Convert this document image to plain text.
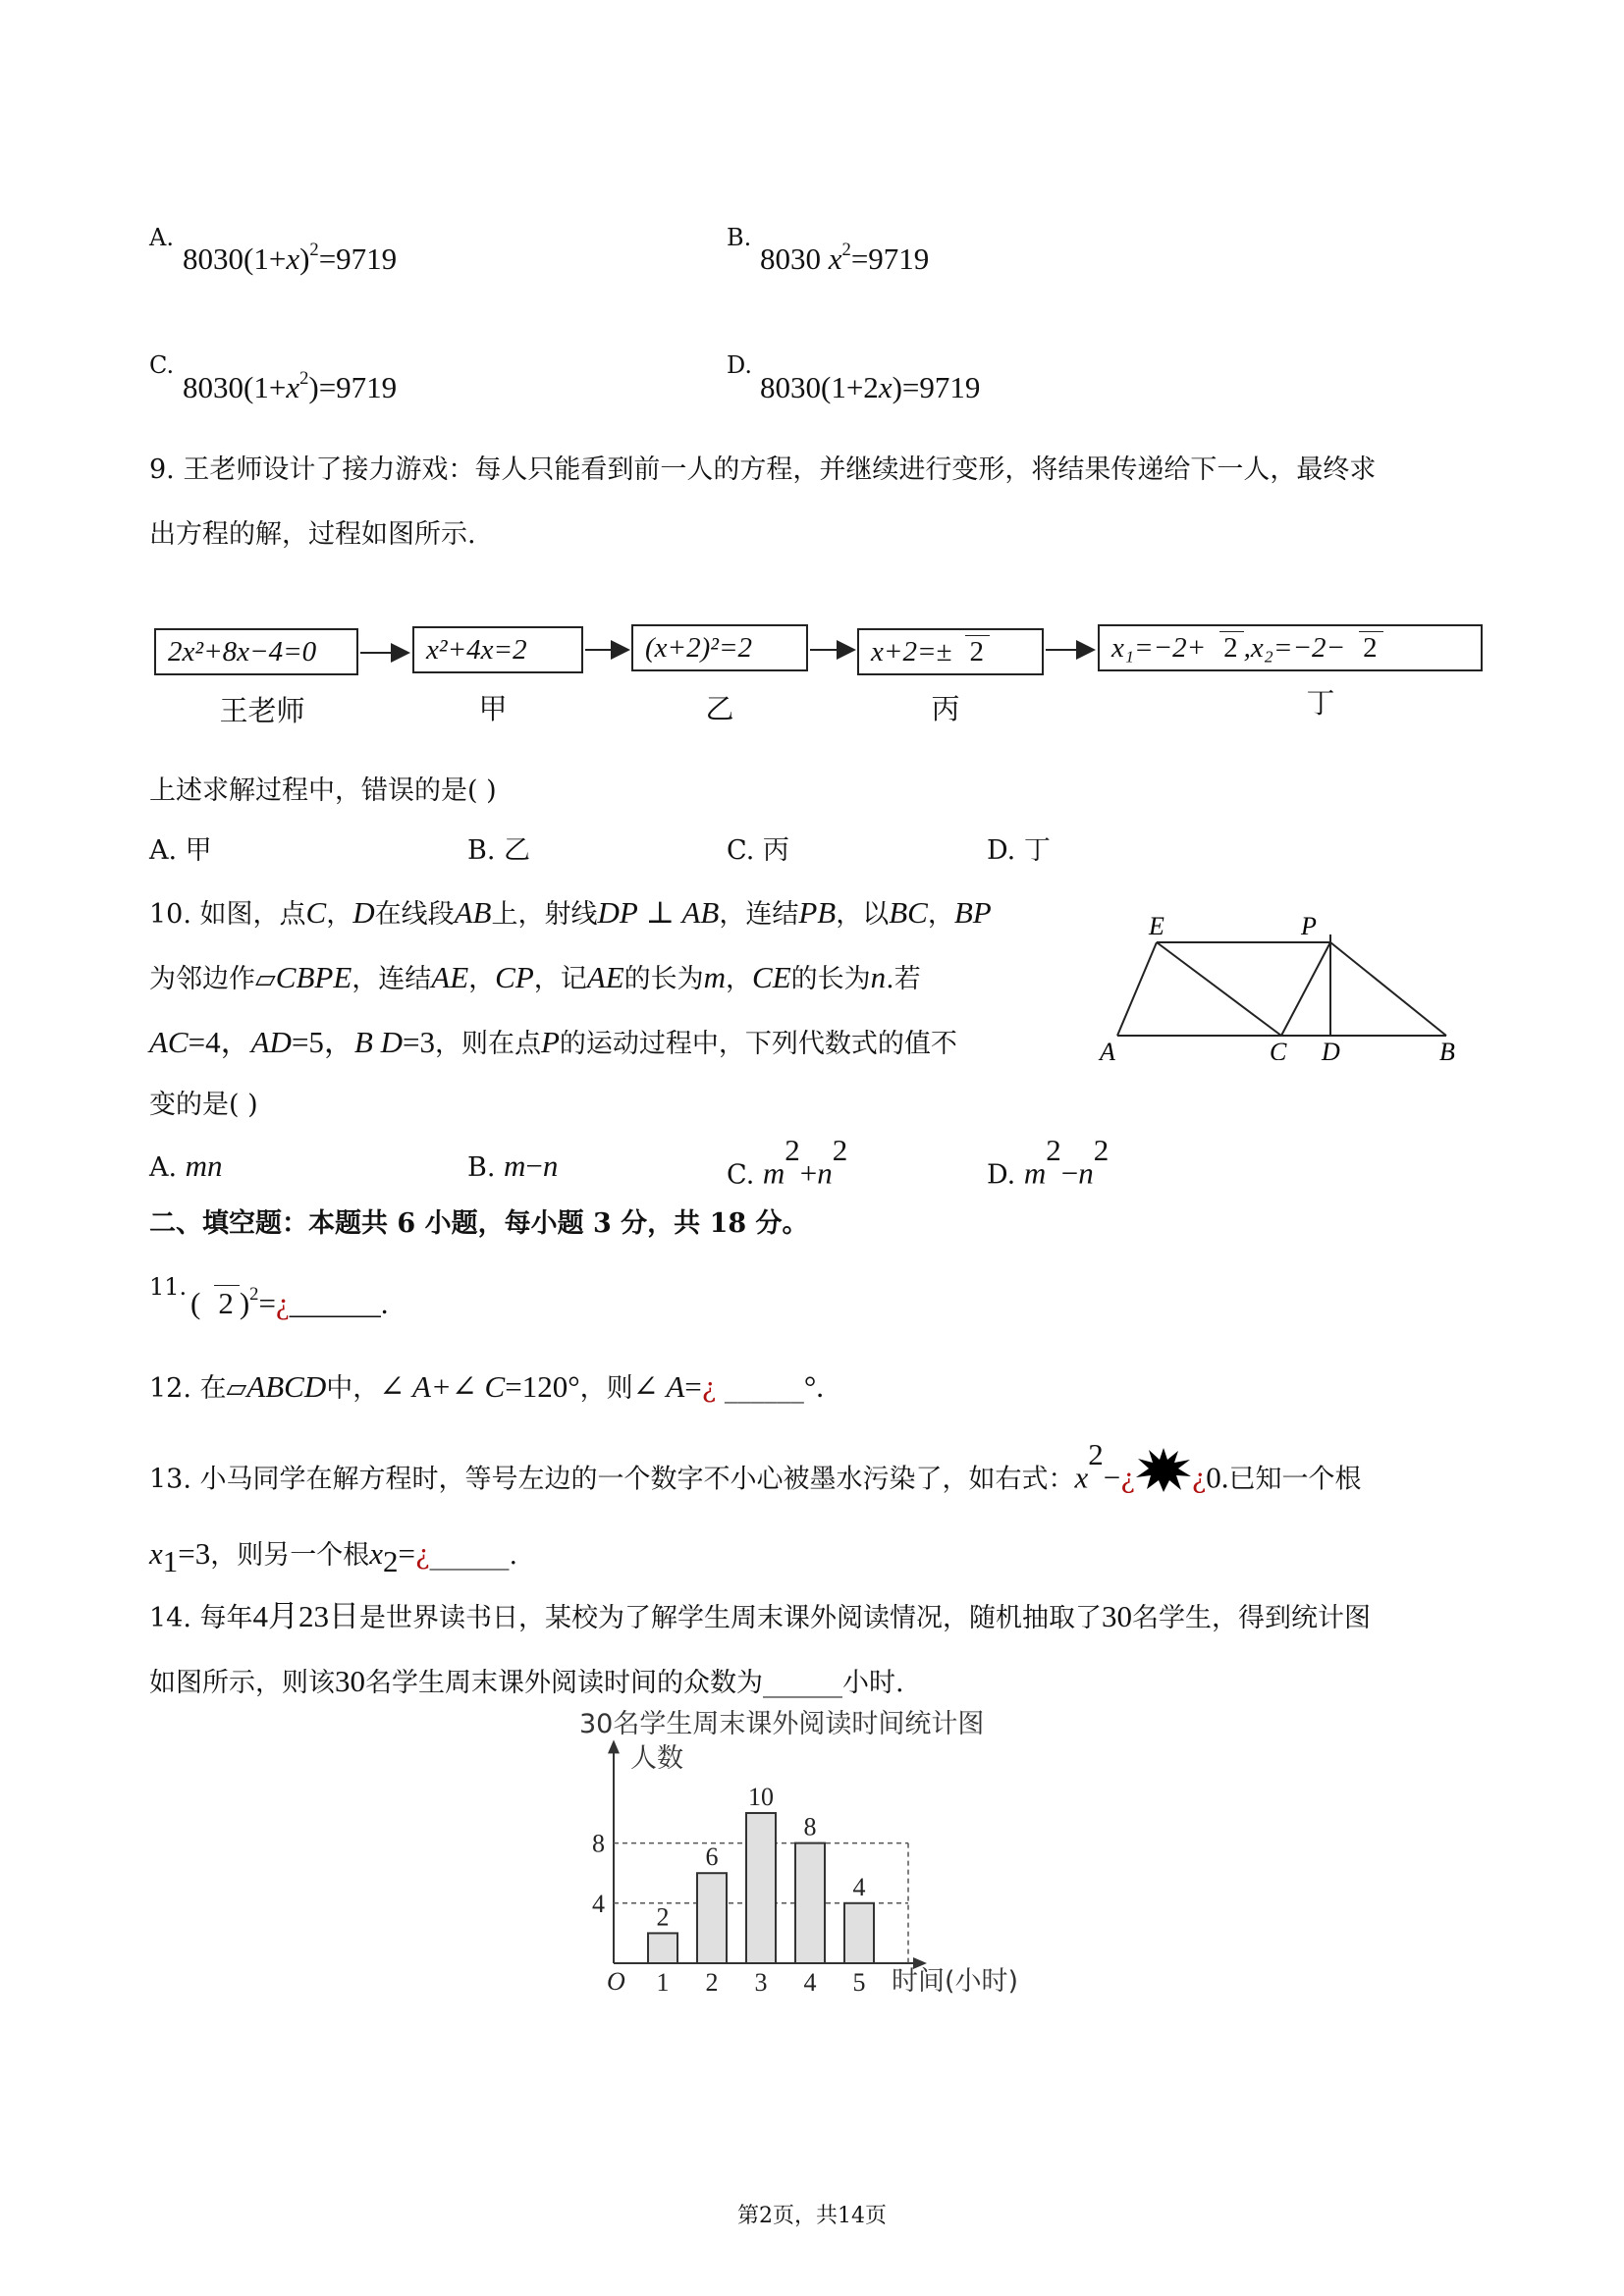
A.
$8030(1+x)^2=9719$
B.
8030 $x^2=9719$
C.
$8030(1+x^2)=9719$
D.
8030(1+2x)=9719
9. 王老师设计了接力游戏：每人只能看到前一人的方程，并继续进行变形，将结果传递给下一人，最终求
出方程的解，过程如图所示.
2x²+8x−4=0	x²+4x=2	(x+2)²=2	x+2=± 2	x₁=−2+ 2 ,x₂=−2− 2
王老师	甲	乙	丙	丁
上述求解过程中，错误的是( )
A. 甲	B. 乙	C. 丙	D. 丁
10. 如图，点C，D在线段AB上，射线DP ⊥ AB，连结PB，以BC，BP
为邻边作▱CBPE，连结AE，CP，记AE的长为m，CE的长为n.若
AC=4，AD=5，B D=3，则在点P的运动过程中，下列代数式的值不
变的是( )
E	P
A	C D	B
A. mn	B. m−n	C. $m^2+n^2$
D. $m^2-n^2$
二、填空题：本题共 6 小题，每小题 3 分，共 18 分。
11. ( 2 )$^2$=¿______.
12. 在▱ABCD中，∠ A+∠ C=120°，则∠ A=¿ ______°.
13. 小马同学在解方程时，等号左边的一个数字不小心被墨水污染了，如右式：$x^2-¿$ ¿0.已知一个根
$x_1=3$，则另一个根$x_2=¿\_\_\_\_\_\_$.
14. 每年4月23日是世界读书日，某校为了解学生周末课外阅读情况，随机抽取了30名学生，得到统计图
如图所示，则该30名学生周末课外阅读时间的众数为______小时.
30名学生周末课外阅读时间统计图
人数
时间(小时)
O
4
8
2
1
6
2
10
3
8
4
4
5
第2页，共14页
